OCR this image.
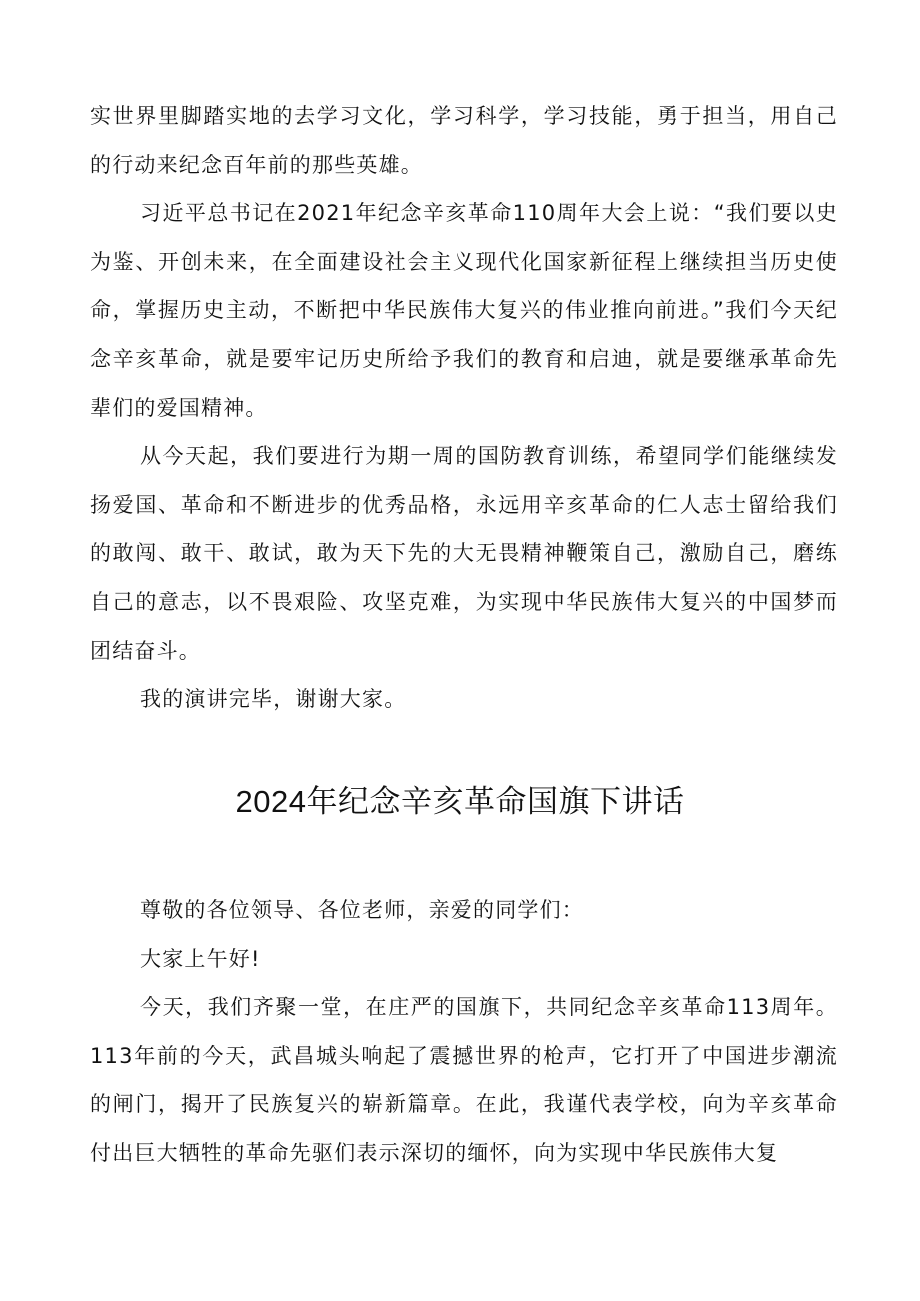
实世界里脚踏实地的去学习文化，学习科学，学习技能，勇于担当，用自己的行动来纪念百年前的那些英雄。

习近平总书记在2021年纪念辛亥革命110周年大会上说：“我们要以史为鉴、开创未来，在全面建设社会主义现代化国家新征程上继续担当历史使命，掌握历史主动，不断把中华民族伟大复兴的伟业推向前进。”我们今天纪念辛亥革命，就是要牢记历史所给予我们的教育和启迪，就是要继承革命先辈们的爱国精神。

从今天起，我们要进行为期一周的国防教育训练，希望同学们能继续发扬爱国、革命和不断进步的优秀品格，永远用辛亥革命的仁人志士留给我们的敢闯、敢干、敢试，敢为天下先的大无畏精神鞭策自己，激励自己，磨练自己的意志，以不畏艰险、攻坚克难，为实现中华民族伟大复兴的中国梦而团结奋斗。

我的演讲完毕，谢谢大家。

2024年纪念辛亥革命国旗下讲话

尊敬的各位领导、各位老师，亲爱的同学们：

大家上午好!

今天，我们齐聚一堂，在庄严的国旗下，共同纪念辛亥革命113周年。113年前的今天，武昌城头响起了震撼世界的枪声，它打开了中国进步潮流的闸门，揭开了民族复兴的崭新篇章。在此，我谨代表学校，向为辛亥革命付出巨大牺牲的革命先驱们表示深切的缅怀，向为实现中华民族伟大复
